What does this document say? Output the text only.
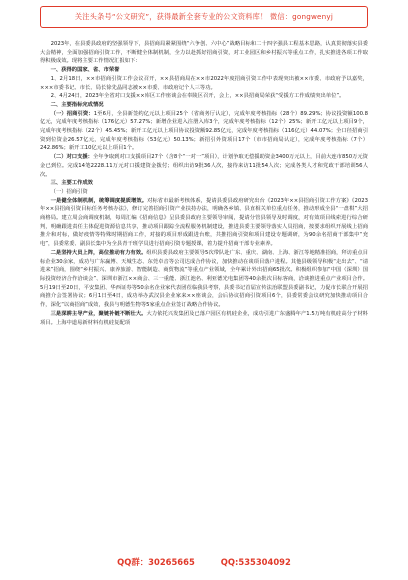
关注头条号“公文研究”，获得最新全套专业的公文资料库！ 微信：gongwenyj

2023年，在县委县政府的坚强领导下，县招商局紧紧围绕“六争创、六中心”战略目标和二十四字强县工程基本思路，认真贯彻落实县委大会精神，全面加强招商引资工作，不断健全体制机制，全力以赴抓好招商引资，对工业园区和乡村振兴等重点工作，扎实推进各项工作取得积极成效。现将主要工作情况汇报如下：

一、获得的国家、省、市荣誉

1、2月18日，××市招商引资工作会议召开，××县招商局在××市2022年度招商引资工作中表现突出被××市委、市政府予以嘉奖，×××市委书记、市长、局长徐先晶同志被××市委、市政府记个人三等功。

2、4月24日，2023年全省对口支援××库区工作座谈会在奉陵区召开，会上，××县招商局荣获“受援方工作成绩突出单位”。

二、主要指标完成情况

（一）招商引资：1至6月，全县新签约亿元以上项目25个（省商务厅认定），完成年度考核指标（28个）89.29%；协议投资额100.8亿元，完成年度考核指标（176亿元）57.27%；新增企业进入注册入库3个，完成年度考核指标（12个）25%；新开工亿元以上项目9个，完成年度考核指标（22个）45.45%；新开工亿元以上项目协议投资额92.85亿元，完成年度考核指标（116亿元）44.07%；全口径招商引资到位资金26.57亿元，完成年度考核指标（53亿元）50.13%；新招引外资项目17个（市市招商局认定），完成年度考核指标（7个）242.86%；新开工10亿元以上项目1个。

（二）对口支援：全年争取到对口支援项目27个（含8个“一对一”项目），计划争取无偿援助资金3400万元以上，目前大连市850万元资金已到位。完成14笔2228.11万元对口援建资金拨付；组织出访9批36人次，接待来访11批54人次；完成各类人才和党政干部培训56人次。

三、主要工作成效

（一）招商引资

一是健全体制机制，统筹调度提质增效。对标省市最新考核体系，提请县委县政府研究出台《2023年××县招商引资工作方案》《2023年××县招商引资目标任务考核办法》，修订完善招商引资产业扶持办法，明确各乡镇、县直相关单位重点任务，推动形成全县“一盘棋”大招商格局。建立周会商调度机制，每周汇编《招商信息》呈县委县政府主要领导审阅，提请分管县领导及时调度，对有效项目线索进行综合研判，明确跟进责任主体促进资源信息共享，推动项目跟踪全流程服务机制建设，推进县委主要领导落实人员招商，按要求组织开展线上招商推介和对标，做好疫情等特殊时期招商工作，对接的项目形成跟进台账，共推招商引资和项目建设专题调研，为90余名招商干部集中“充电”，县委常委、副县长集中为全县青干班学员进行招商引资专题授课，着力提升招商干部专业素养。

二是坚持大员上阵，高位推动有力有效。组织县委县政府主要领导5次带队赴广东、重庆、湖南、上海、浙江等地精准招商，拜访重点目标企业30余家，成功与广东赢博、天城生态、东莞卓音等公司达成合作协议，加快推动在谈项目落户进程。其他县级领导积极“走出去”、“请进来”招商，围绕“乡村振兴、康养旅游、智能制造、商贸物流”等重点产业领域，全年累计外出招商65批次。积极组织参加“中国（深圳）国际投资经济合作洽谈会”、深圳市浙江××商会、三一重能、浙江池名、利亚德光电集团等40余批次目标客商，洽谈推进重点产业项目合作。5月19日至20日，平安集团、华西证券等50余名企业家代表团莅临我县考察，县委书记首届宣传法治联盟县委副书记，力促市长联合开展招商推介会签署协议；6月1日至4日，成功举办武汉县企业家来××座谈会，会后协议招商引资项目6个，县委常委会议研究加快推动项目合作，深化“以商招商”成效，我县与明德生物等5家重点企业签订战略合作协议。

三是深耕主导产业，聚链补链不断壮大。大力依托兴发集团及已落户园区有机硅企业，成功引进广东盛腾年产1.5万吨有机硅高分子材料项目。上海中道易新材料有机硅复配项

QQ群：30265665	QQ:535304092
